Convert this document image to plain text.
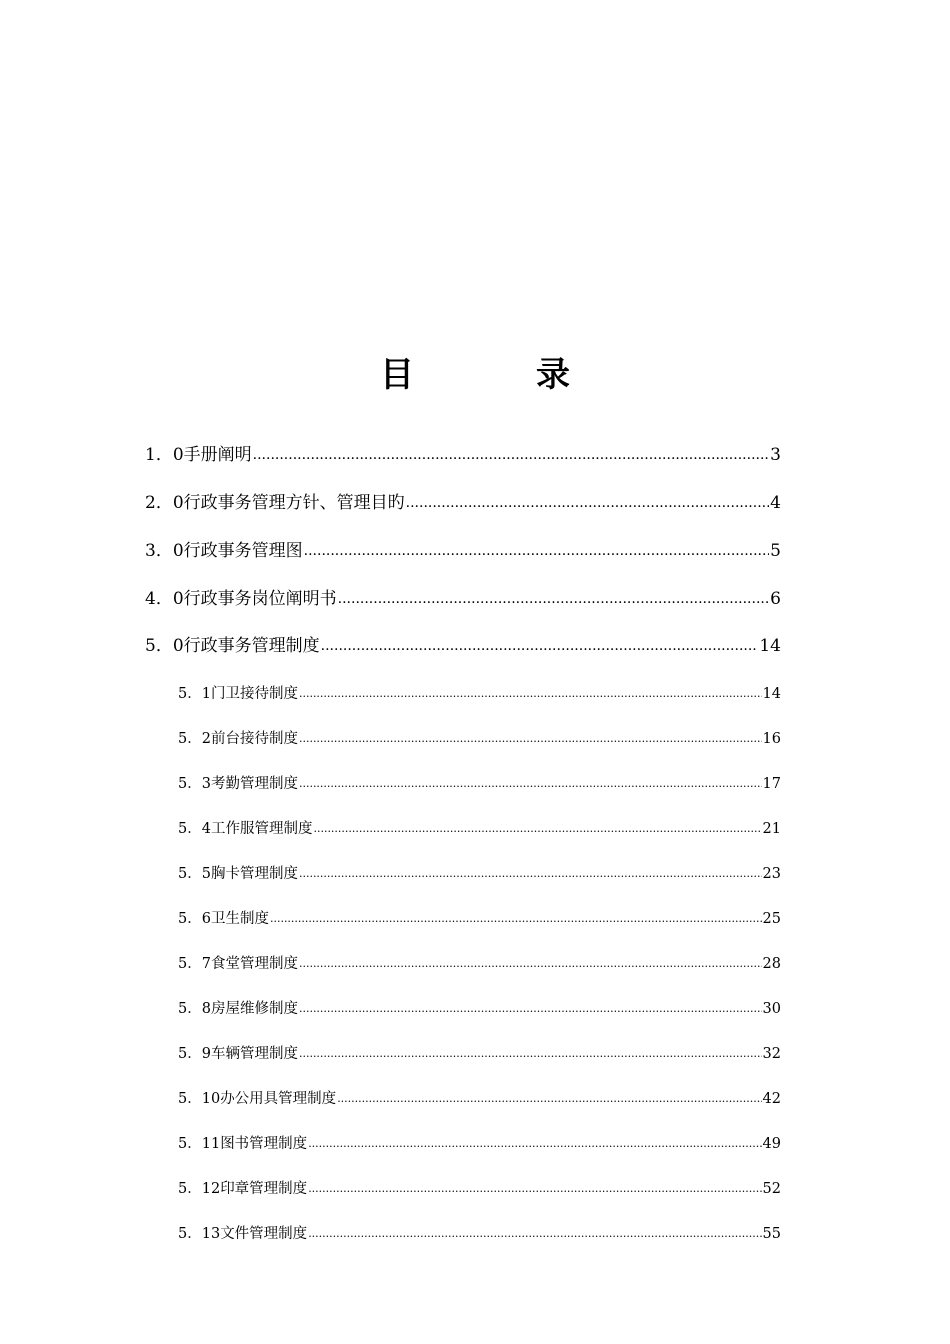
目　录
1．0 手册阐明 .....	3
2．0 行政事务管理方针、管理目旳 .....	4
3．0 行政事务管理图 .....	5
4．0 行政事务岗位阐明书 .....	6
5．0 行政事务管理制度 .....	14
5．1 门卫接待制度 .....	14
5．2 前台接待制度 .....	16
5．3 考勤管理制度 .....	17
5．4 工作服管理制度 .....	21
5．5 胸卡管理制度 .....	23
5．6 卫生制度 .....	25
5．7 食堂管理制度 .....	28
5．8 房屋维修制度 .....	30
5．9 车辆管理制度 .....	32
5．10 办公用具管理制度 .....	42
5．11 图书管理制度 .....	49
5．12 印章管理制度 .....	52
5．13 文件管理制度 .....	55
